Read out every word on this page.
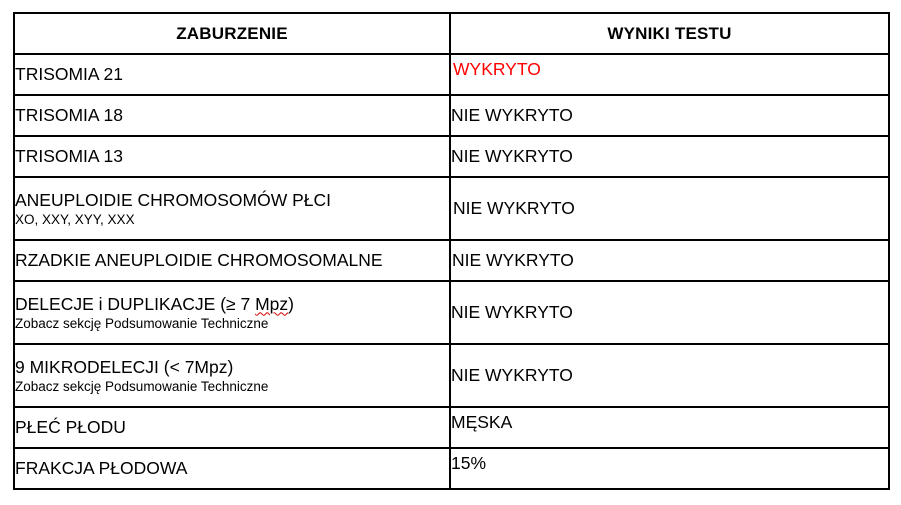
ZABURZENIE	WYNIKI TESTU

TRISOMIA 21	WYKRYTO

TRISOMIA 18	NIE WYKRYTO

TRISOMIA 13	NIE WYKRYTO

ANEUPLOIDIE CHROMOSOMÓW PŁCI
XO, XXY, XYY, XXX	NIE WYKRYTO

RZADKIE ANEUPLOIDIE CHROMOSOMALNE	NIE WYKRYTO

DELECJE i DUPLIKACJE (≥ 7 Mpz)
Zobacz sekcję Podsumowanie Techniczne	NIE WYKRYTO

9 MIKRODELECJI (< 7Mpz)
Zobacz sekcję Podsumowanie Techniczne	NIE WYKRYTO

PŁEĆ PŁODU	MĘSKA

FRAKCJA PŁODOWA	15%
